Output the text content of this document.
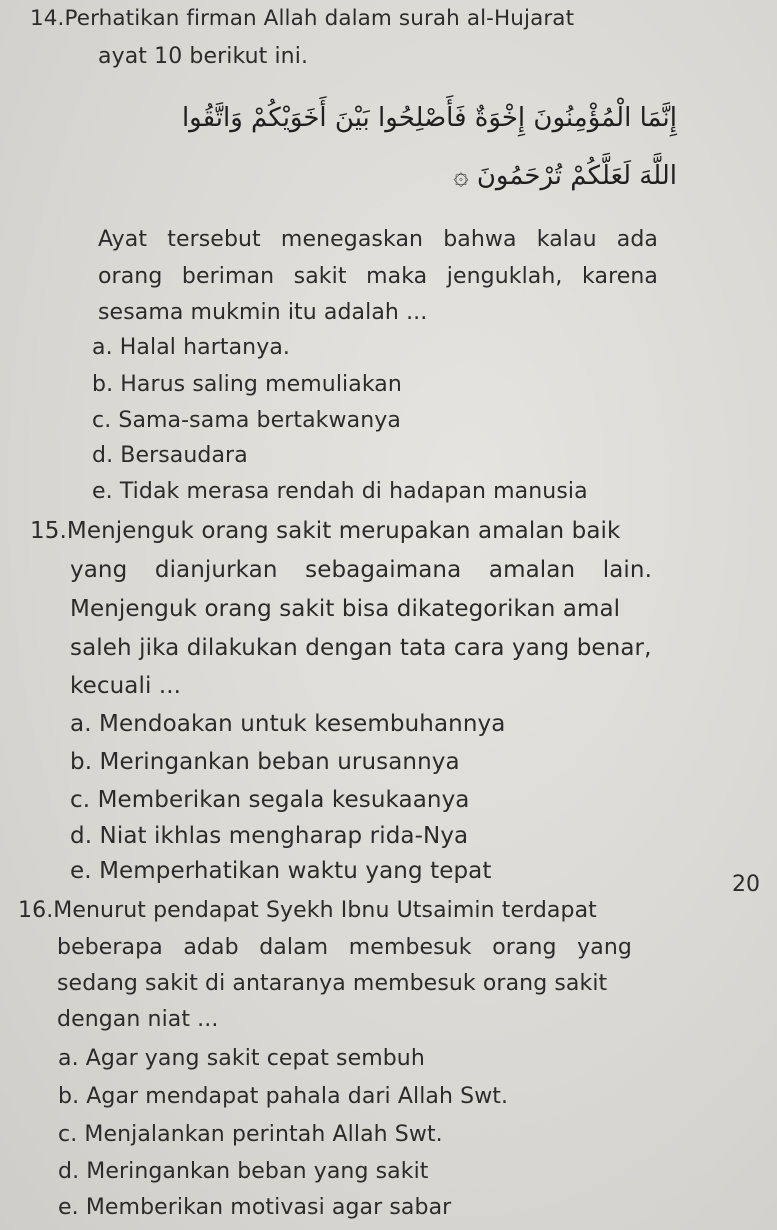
14.Perhatikan firman Allah dalam surah al-Hujarat
ayat 10 berikut ini.
إِنَّمَا الْمُؤْمِنُونَ إِخْوَةٌ فَأَصْلِحُوا بَيْنَ أَخَوَيْكُمْ وَاتَّقُوا
اللَّهَ لَعَلَّكُمْ تُرْحَمُونَ ۞
Ayat tersebut menegaskan bahwa kalau ada
orang beriman sakit maka jenguklah, karena
sesama mukmin itu adalah ...
a. Halal hartanya.
b. Harus saling memuliakan
c. Sama-sama bertakwanya
d. Bersaudara
e. Tidak merasa rendah di hadapan manusia
15.Menjenguk orang sakit merupakan amalan baik
yang dianjurkan sebagaimana amalan lain.
Menjenguk orang sakit bisa dikategorikan amal
saleh jika dilakukan dengan tata cara yang benar,
kecuali ...
a. Mendoakan untuk kesembuhannya
b. Meringankan beban urusannya
c. Memberikan segala kesukaanya
d. Niat ikhlas mengharap rida-Nya
e. Memperhatikan waktu yang tepat
20
16.Menurut pendapat Syekh Ibnu Utsaimin terdapat
beberapa adab dalam membesuk orang yang
sedang sakit di antaranya membesuk orang sakit
dengan niat ...
a. Agar yang sakit cepat sembuh
b. Agar mendapat pahala dari Allah Swt.
c. Menjalankan perintah Allah Swt.
d. Meringankan beban yang sakit
e. Memberikan motivasi agar sabar
